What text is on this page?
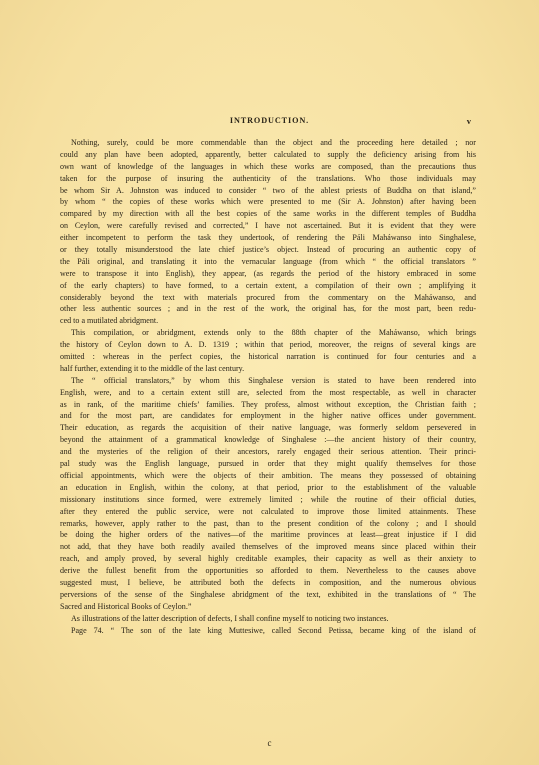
INTRODUCTION.	v
Nothing, surely, could be more commendable than the object and the proceeding here detailed ; nor
could any plan have been adopted, apparently, better calculated to supply the deficiency arising from his
own want of knowledge of the languages in which these works are composed, than the precautions thus
taken for the purpose of insuring the authenticity of the translations. Who those individuals may
be whom Sir A. Johnston was induced to consider “ two of the ablest priests of Buddha on that island,”
by whom “ the copies of these works which were presented to me (Sir A. Johnston) after having been
compared by my direction with all the best copies of the same works in the different temples of Buddha
on Ceylon, were carefully revised and corrected,” I have not ascertained. But it is evident that they were
either incompetent to perform the task they undertook, of rendering the Páli Maháwanso into Singhalese,
or they totally misunderstood the late chief justice’s object. Instead of procuring an authentic copy of
the Páli original, and translating it into the vernacular language (from which “ the official translators ”
were to transpose it into English), they appear, (as regards the period of the history embraced in some
of the early chapters) to have formed, to a certain extent, a compilation of their own ; amplifying it
considerably beyond the text with materials procured from the commentary on the Maháwanso, and
other less authentic sources ; and in the rest of the work, the original has, for the most part, been redu-
ced to a mutilated abridgment.
This compilation, or abridgment, extends only to the 88th chapter of the Maháwanso, which brings
the history of Ceylon down to A. D. 1319 ; within that period, moreover, the reigns of several kings are
omitted : whereas in the perfect copies, the historical narration is continued for four centuries and a
half further, extending it to the middle of the last century.
The “ official translators,” by whom this Singhalese version is stated to have been rendered into
English, were, and to a certain extent still are, selected from the most respectable, as well in character
as in rank, of the maritime chiefs’ families. They profess, almost without exception, the Christian faith ;
and for the most part, are candidates for employment in the higher native offices under government.
Their education, as regards the acquisition of their native language, was formerly seldom persevered in
beyond the attainment of a grammatical knowledge of Singhalese :—the ancient history of their country,
and the mysteries of the religion of their ancestors, rarely engaged their serious attention. Their princi-
pal study was the English language, pursued in order that they might qualify themselves for those
official appointments, which were the objects of their ambition. The means they possessed of obtaining
an education in English, within the colony, at that period, prior to the establishment of the valuable
missionary institutions since formed, were extremely limited ; while the routine of their official duties,
after they entered the public service, were not calculated to improve those limited attainments. These
remarks, however, apply rather to the past, than to the present condition of the colony ; and I should
be doing the higher orders of the natives—of the maritime provinces at least—great injustice if I did
not add, that they have both readily availed themselves of the improved means since placed within their
reach, and amply proved, by several highly creditable examples, their capacity as well as their anxiety to
derive the fullest benefit from the opportunities so afforded to them. Nevertheless to the causes above
suggested must, I believe, be attributed both the defects in composition, and the numerous obvious
perversions of the sense of the Singhalese abridgment of the text, exhibited in the translations of “ The
Sacred and Historical Books of Ceylon.”
As illustrations of the latter description of defects, I shall confine myself to noticing two instances.
Page 74. “ The son of the late king Muttesiwe, called Second Petissa, became king of the island of
c
